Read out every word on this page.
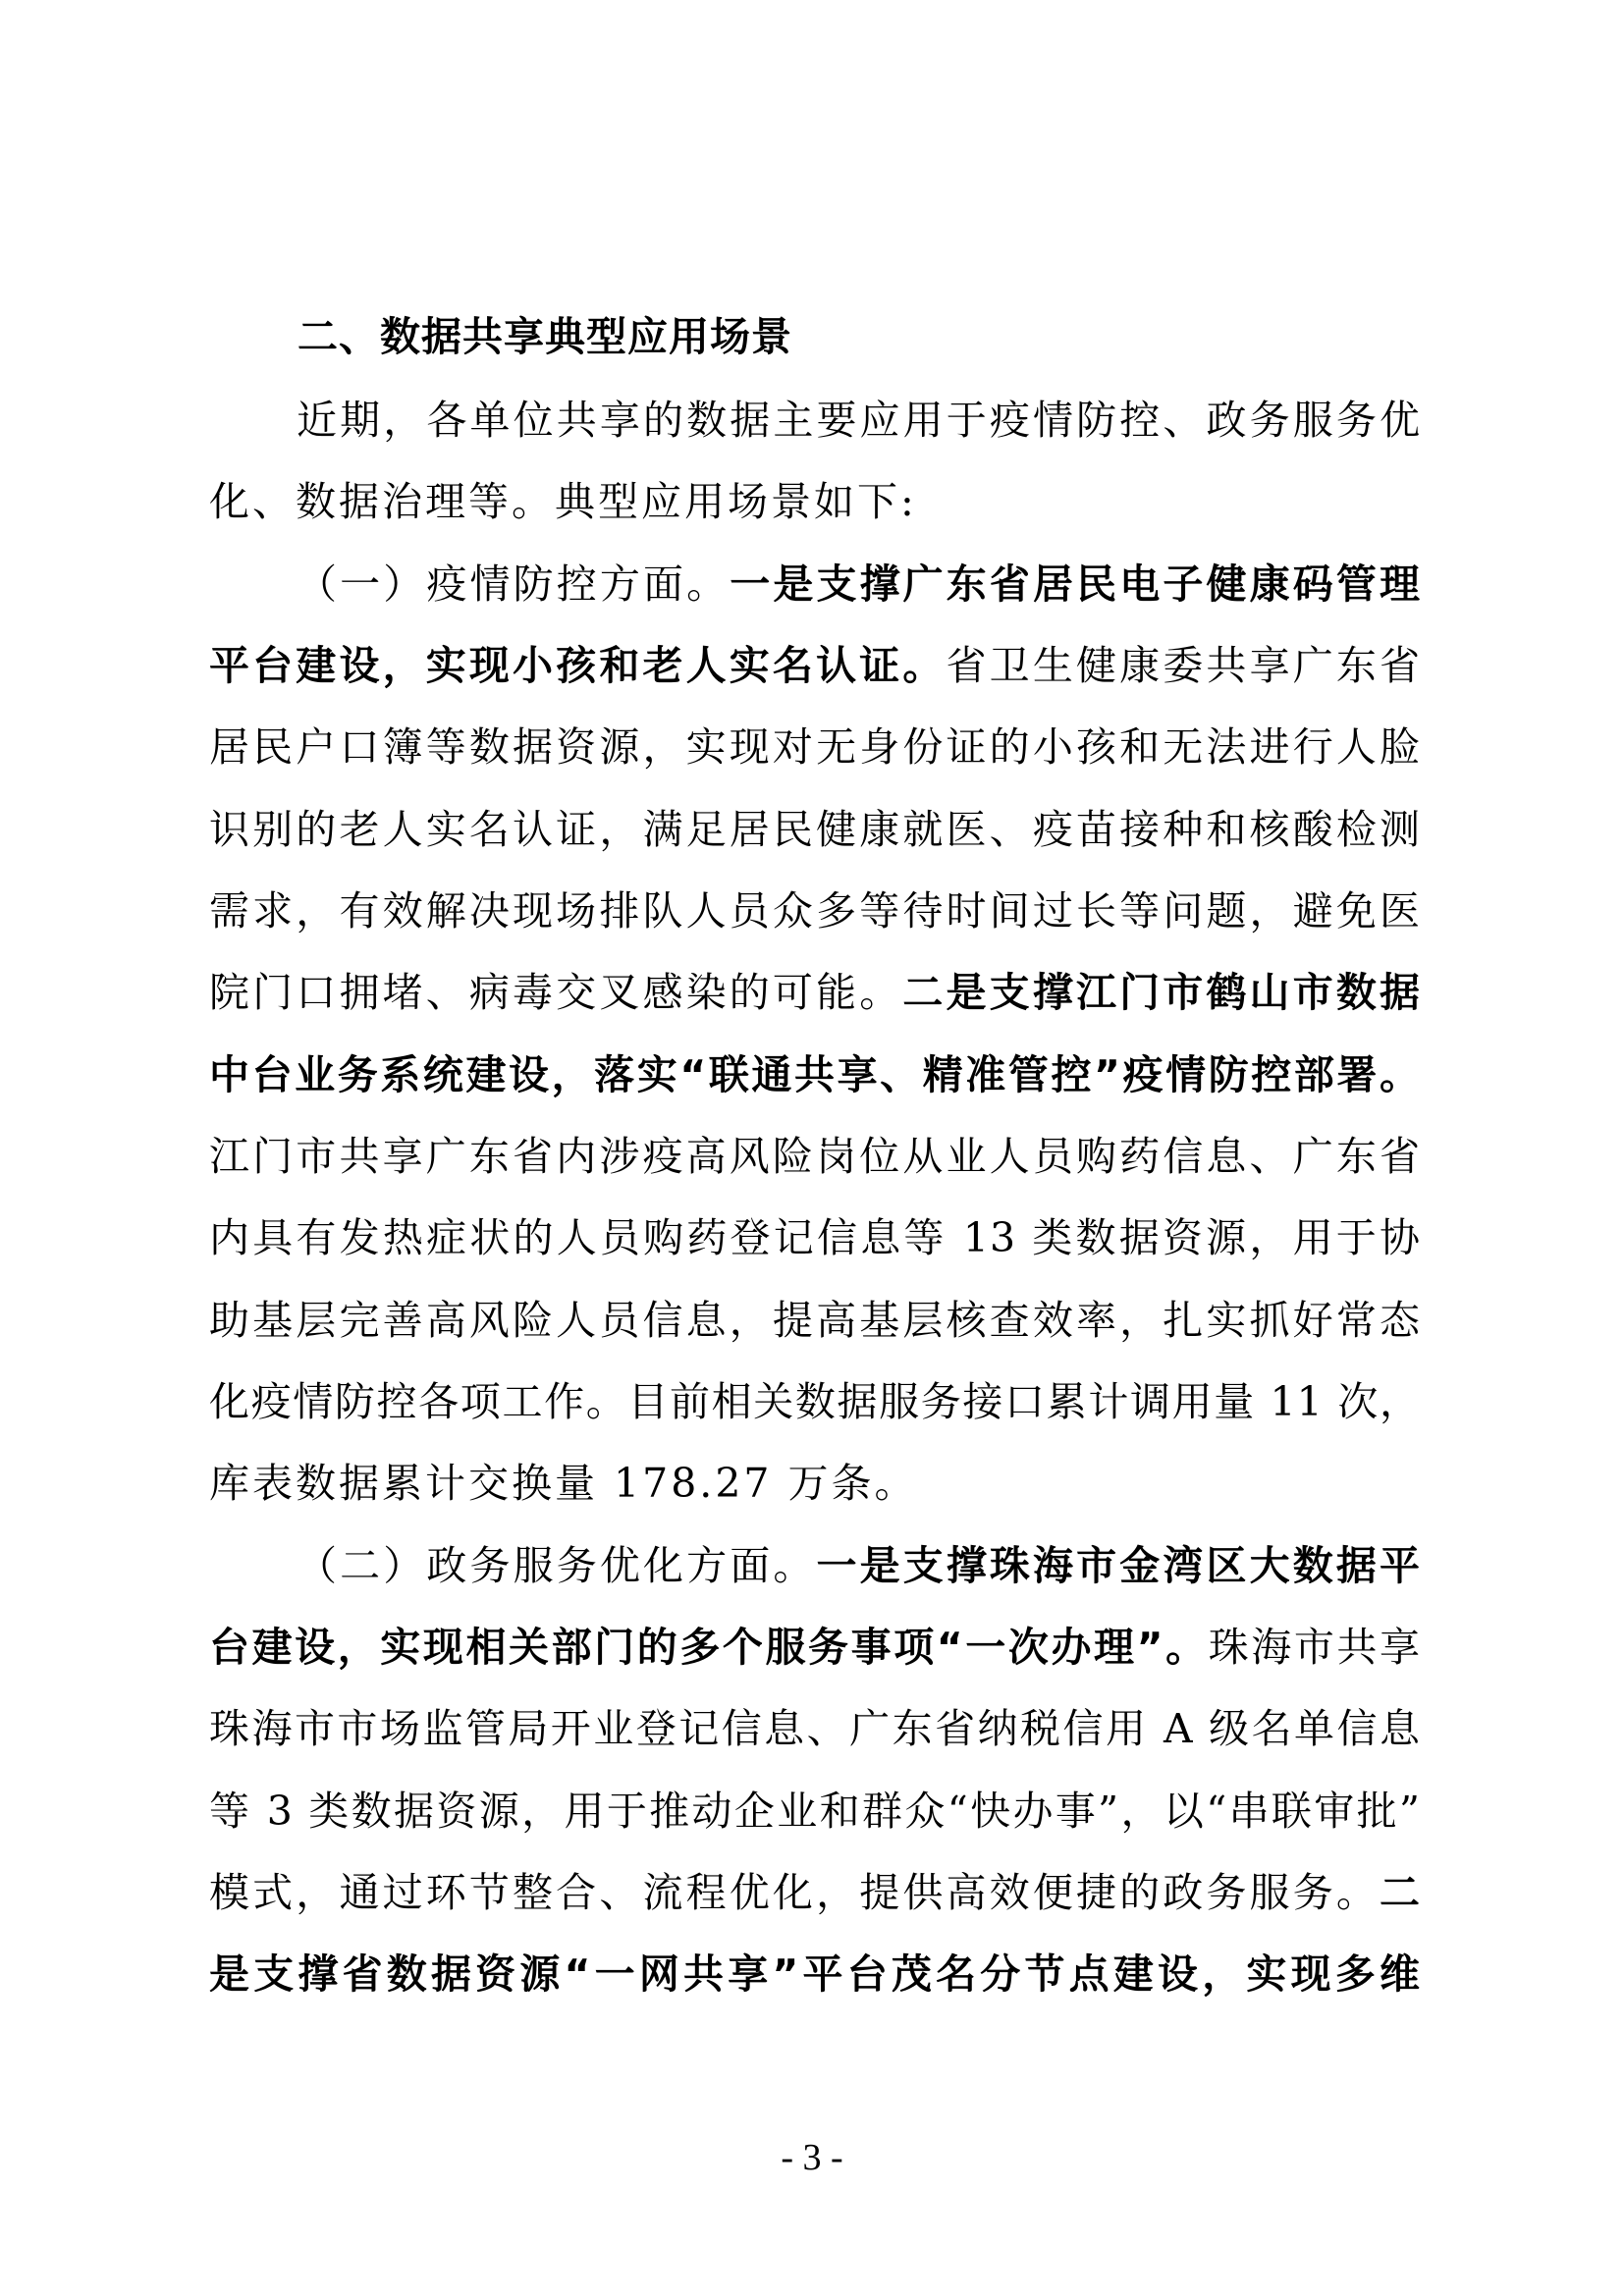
二、数据共享典型应用场景
近期，各单位共享的数据主要应用于疫情防控、政务服务优
化、数据治理等。典型应用场景如下:
（一）疫情防控方面。一是支撑广东省居民电子健康码管理
平台建设，实现小孩和老人实名认证。省卫生健康委共享广东省
居民户口簿等数据资源，实现对无身份证的小孩和无法进行人脸
识别的老人实名认证，满足居民健康就医、疫苗接种和核酸检测
需求，有效解决现场排队人员众多等待时间过长等问题，避免医
院门口拥堵、病毒交叉感染的可能。二是支撑江门市鹤山市数据
中台业务系统建设，落实“联通共享、精准管控”疫情防控部署。
江门市共享广东省内涉疫高风险岗位从业人员购药信息、广东省
内具有发热症状的人员购药登记信息等 13 类数据资源，用于协
助基层完善高风险人员信息，提高基层核查效率，扎实抓好常态
化疫情防控各项工作。目前相关数据服务接口累计调用量 11 次，
库表数据累计交换量 178.27 万条。
（二）政务服务优化方面。一是支撑珠海市金湾区大数据平
台建设，实现相关部门的多个服务事项“一次办理”。珠海市共享
珠海市市场监管局开业登记信息、广东省纳税信用 A 级名单信息
等 3 类数据资源，用于推动企业和群众“快办事”，以“串联审批”
模式，通过环节整合、流程优化，提供高效便捷的政务服务。二
是支撑省数据资源“一网共享”平台茂名分节点建设，实现多维
- 3 -
